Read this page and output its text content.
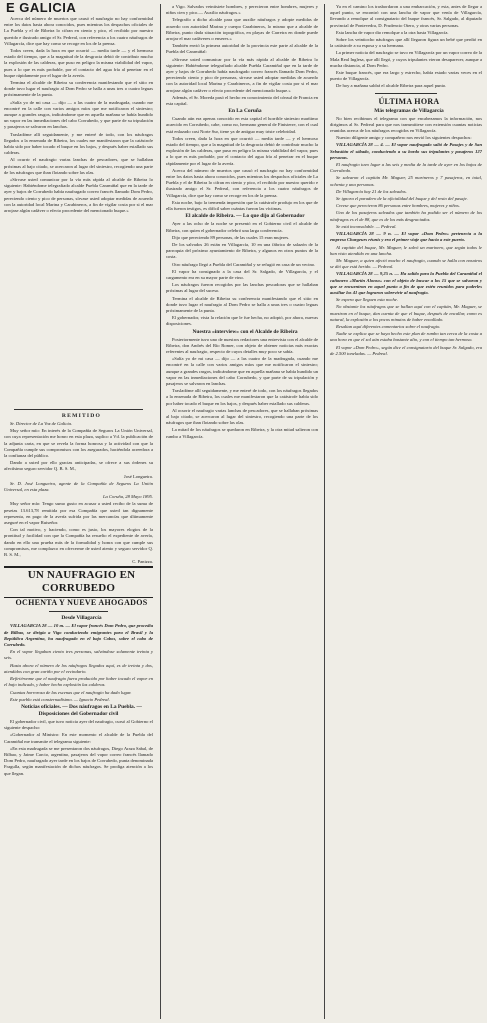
E GALICIA

REMITIDO

Sr. Director de La Voz de Galicia.

Muy señor mío: En interés de la Compañía de Seguros La Unión Universal, con cuya representación me honro en esta plaza, suplico a Vd. la publicación de la adjunta carta, en que se revela la forma honrosa y la actividad con que la Compañía cumple sus compromisos con los asegurados, haciéndola acreedora a la confianza del público.

Dando a usted por ello gracias anticipadas, se ofrece a sus órdenes su afectísimo seguro servidor Q. B. S. M.,

José Longueira.

Sr. D. José Longueira, agente de la Compañía de Seguros La Unión Universal, en esta plaza.

La Coruña, 28 Mayo 1895.

Muy señor mío: Tengo sumo gusto en acusar a usted recibo de la suma de pesetas 13.613,78 remitida por esa Compañía que usted tan dignamente representa, en pago de la avería sufrida por las mercancías que últimamente aseguré en el vapor Ruiseñor.

Con tal motivo, y haciendo, como es justo, los mayores elogios de la prontitud y facilidad con que la Compañía ha resuelto el expediente de avería, dando en ello una prueba más de la formalidad y honra con que cumple sus compromisos, me complazco en ofrecerme de usted atento y seguro servidor Q. B. S. M.,

C. Panizza.

UN NAUFRAGIO EN CORRUBEDO

OCHENTA Y NUEVE AHOGADOS

Desde Villagarcía

VILLAGARCIA 28 — 10 m. — El vapor francés Dom Pedro, que procedía de Bilbao, se dirigía a Vigo conduciendo emigrantes para el Brasil y la República Argentina, ha naufragado en el bajo Cobos, sobre el cabo de Corrubedo.

En el vapor llegaban ciento tres personas, salvándose solamente treinta y seis.

Hasta ahora el número de los náufragos llegados aquí, es de treinta y dos, atendidos con gran cariño por el vecindario.

Refiriéronme que el naufragio fuera producido por haber tocado el vapor en el bajo indicado, y haber hecho explosión las calderas.

Cuantas horrorosa de las escenas que el naufragio ha dado lugar.

Este pueblo está consternadísimo. — Ignacio Pedreal.

Noticias oficiales. — Dos náufragos en La Puebla. — Disposiciones del Gobernador civil

El gobernador civil, que tuvo noticia ayer del naufragio, cursó al Gobierno el siguiente despacho:

«Gobernador al Ministro: En este momento el alcalde de la Puebla del Caramiñal me transmite el telegrama siguiente:

«En esta madrugada se me presentaron dos náufragos, Diego Araza Sabal, de Bilbao, y Jaime Carcio, argentino, pasajeros del vapor correo francés llamado Dom Pedro, naufragado ayer tarde en los bajos de Corrubedo, punta denominada Fragulla, según manifestación de dichos náufragos. Se prodiga atención a los que llegan.

a Vigo. Salvados veintisiete hombres, y perecieron entre hombres, mujeres y niños cien y pico.— Auxilio náufragos.»

Telegrafío a dicho alcalde para que auxilie náufragos y adopte medidas de acuerdo con autoridad Marina y cuerpo Carabineros, lo mismo que a alcalde de Ribeira, punto dada situación topográfica, en playas de Carreira en donde puede arrojar el mar cadáveres o enseres.»

También envió la primera autoridad de la provincia este parte al alcalde de la Puebla del Caramiñal:

«Sírvase usted comunicar por la vía más rápida al alcalde de Ribeira lo siguiente: Habiéndome telegrafiado alcalde Puebla Caramiñal que en la tarde de ayer y bajos de Corrubedo había naufragado correo francés llamado Dom Pedro, pereciendo ciento y pico de personas, sírvase usted adoptar medidas de acuerdo con la autoridad local Marina y Carabineros, a fin de vigilar costa por si el mar arrojase algún cadáver o efecto procedente del mencionado buque.»

Además, el Sr. Moreda pasó el hecho en conocimiento del cónsul de Francia en esta capital.

En La Coruña

Cuando aún era apenas conocido en esta capital el horrible siniestro marítimo acaecido en Corrubedo, cabe, como no, hermano general de Finisterre, con el cual está enlazado casi Norte Sur, tiene ya de antiguo muy triste celebridad.

Todos creen, dada la hora en que ocurrió — media tarde — y el hermoso estado del tiempo, que a la magnitud de la desgracia debió de contribuir mucho la explosión de las calderas, que puso en peligro la misma viabilidad del vapor, pues a lo que es más probable, por el contacto del agua fría al penetrar en el buque rápidamente por el lugar de la avería.

Acerca del número de muertos que causó el naufragio no hay conformidad entre los datos hasta ahora conocidos, pues mientras los despachos oficiales de La Puebla y el de Ribeira lo cifran en ciento y pico, el recibido por nuestro querido e ilustrado amigo el Sr. Pedreal, con referencia a los cuatro náufragos de Villagarcía, dice que hay como se recoge en los de la prensa.

Esta noche, bajo la tremenda impresión que la catástrofe produjo en los que de ella fueron testigos, es difícil saber cuántas fueron las víctimas.

El alcalde de Ribeira. — Lo que dijo al Gobernador

Ayer a las ocho de la noche se presentó en el Gobierno civil el alcalde de Ribeira, con quien el gobernador celebró una larga conferencia.

Dijo que pereciendo 89 personas, de las cuales 15 eran mujeres.

De los salvados 26 están en Villagarcía, 10 en una fábrica de salazón de la parroquia del próximo ayuntamiento de Ribeira, y algunos en otros puntos de la costa.

Otro náufrago llegó a Puebla del Caramiñal y se refugió en casa de un vecino.

El vapor ha consignado a la casa del Sr. Salgado, de Villagarcía, y el cargamento era en su mayor parte de vino.

Los náufragos fueron recogidos por las lanchas pescadoras que se hallaban próximas al lugar del suceso.

Termina el alcalde de Ribeira su conferencia manifestando que el sitio en donde tuvo lugar el naufragio al Dom Pedro se halla a unas tres o cuatro leguas próximamente de la punta.

El gobernador, vista la relación que le fue hecha, no adoptó, por ahora, nuevas disposiciones.

Nuestra «interview» con el Alcalde de Ribeira

Posteriormente tuvo uno de nuestros redactores una entrevista con el alcalde de Ribeira, don Andrés del Río Romer, con objeto de obtener noticias más exactas referentes al naufragio, respecto de cuyos detalles muy poco se sabía.

«Salía yo de mi casa — dijo — a las cuatro de la madrugada, cuando me encontré en la calle con varios amigos míos que me notificaron el siniestro; aunque a grandes rasgos, indicándome que en aquella mañana se había hundido un vapor en las inmediaciones del cabo Corrubedo, y que parte de su tripulación y pasajeros se salvaron en lanchas.

Trasladóme allí seguidamente, y me enteré de todo, con los náufragos llegados a la ensenada de Ribeira, los cuales me manifestaron que la catástrofe había sido por haber tocado el buque en los bajos, y después haber estallado sus calderas.

Al ocurrir el naufragio varias lanchas de pescadores, que se hallaban próximas al bajo citado, se acercaron al lugar del siniestro, recogiendo una parte de los náufragos que iban flotando sobre las olas.

La mitad de los náufragos se quedaron en Ribeira, y la otra mitad salieron con rumbo a Villagarcía.

Ya en el camino los trasbordaron a una embarcación, y esta, antes de llegar a aquel punto, se encontró con una lancha de vapor que venía de Villagarcía, llevando a remolque al consignatario del buque francés, Sr. Salgado, al diputado provincial de Pontevedra, D. Prudencio Otero, y otras varias personas.

Esta lancha de vapor dio remolque a la otra hasta Villagarcía.

Sobre los veintiocho náufragos que allí llegaron figura un bebé que perdió en la catástrofe a su esposa y a su hermana.

La primer noticia del naufragio se tuvo en Villagarcía por un vapor correo de la Mala Real Inglesa, que allí llegó, y cuyos tripulantes vieron desaparecer, aunque a mucha distancia, al Dom Pedro.

Este buque francés, que era largo y estrecho, había estado varias veces en el puerto de Villagarcía.

De hoy a mañana saldrá el alcalde Ribeira para aquel punto.

ÚLTIMA HORA

Más telegramas de Villagarcía

No bien recibimos el telegrama con que encabezamos la información, nos dirigimos al Sr. Pedreal para que nos transmitiese con extensión cuantas noticias reunidas acerca de los náufragos recogidos en Villagarcía.

Nuestro diligente amigo y compañero nos envió los siguientes despachos:

VILLAGARCÍA 28 — 4. — El vapor naufragado salió de Pasajes y de San Sebastián el sábado, conduciendo a su bordo sus tripulantes y pasajeros 127 personas.

El naufragio tuvo lugar a las seis y media de la tarde de ayer en los bajos de Corrubedo.

Se salvaron el capitán Mr. Maguer, 25 marineros y 7 pasajeros, en total, ochenta y una personas.

De Villagarcía hay 21 de los salvados.

Se ignora el paradero de la oficialidad del buque y del resto del pasaje.

Creese que perecieron 86 personas entre hombres, mujeres y niños.

Uno de los pasajeros salvados que también ha podido ser el número de los náufragos es el de 88, que es de los más desgraciados.

Se está inconsolable. — Pedreal.

VILLAGARCÍA 28 — 9 n. — El vapor «Dom Pedro» pertenecía a la empresa Chargeurs réunis y era el primer viaje que hacía a este puerto.

Al capitán del buque, Mr. Maguer, le salvó un marinero, que según todos le han visto atendido en una lancha.

Mr. Maguer, a quien afectó mucho el naufragio, cuando se halla con nosotros se dió que está herido. — Pedreal.

VILLAGARCÍA 28 — 9,25 n. — Ha salido para la Puebla del Caramiñal el cañonero «Martín Alonso» con el objeto de buscar a los 15 que se salvaron y que se encuentran en aquel punto a fin de que estén reunidos para poderles auxiliar los 41 que lograron sobrevivir al naufragio.

Se espera que lleguen esta noche.

No obstante los náufragos que se hallan aquí con el capitán, Mr. Maguer, se muestran en el buque, dan cuenta de que el buque, después de encallar, como es natural, la explosión a los pocos minutos de haber encallado.

Resaltan aquí diferentes comentarios sobre el naufragio.

Nadie se explica que se haya hecho este plan de rumbo tan cerca de la costa a una hora en que el sol aún estaba bastante alto, y con el tiempo tan hermoso.

El vapor «Dom Pedro», según dice el consignatario del buque Sr. Salgado, era de 2.500 toneladas. — Pedreal.

Acerca del número de muertos que causó el naufragio no hay conformidad entre los datos hasta ahora conocidos, pues mientras los despachos oficiales de La Puebla y el de Ribeira lo cifran en ciento y pico, el recibido por nuestro querido e ilustrado amigo el Sr. Pedreal, con referencia a los cuatro náufragos de Villagarcía, dice que hay como se recoge en los de la prensa.

Todos creen, dada la hora en que ocurrió — media tarde — y el hermoso estado del tiempo, que a la magnitud de la desgracia debió de contribuir mucho la explosión de las calderas, que puso en peligro la misma viabilidad del vapor, pues a lo que es más probable, por el contacto del agua fría al penetrar en el buque rápidamente por el lugar de la avería.

Termina el alcalde de Ribeira su conferencia manifestando que el sitio en donde tuvo lugar el naufragio al Dom Pedro se halla a unas tres o cuatro leguas próximamente de la punta.

«Salía yo de mi casa — dijo — a las cuatro de la madrugada, cuando me encontré en la calle con varios amigos míos que me notificaron el siniestro; aunque a grandes rasgos, indicándome que en aquella mañana se había hundido un vapor en las inmediaciones del cabo Corrubedo, y que parte de su tripulación y pasajeros se salvaron en lanchas.

Trasladóme allí seguidamente, y me enteré de todo, con los náufragos llegados a la ensenada de Ribeira, los cuales me manifestaron que la catástrofe había sido por haber tocado el buque en los bajos, y después haber estallado sus calderas.

Al ocurrir el naufragio varias lanchas de pescadores, que se hallaban próximas al bajo citado, se acercaron al lugar del siniestro, recogiendo una parte de los náufragos que iban flotando sobre las olas.

«Sírvase usted comunicar por la vía más rápida al alcalde de Ribeira lo siguiente: Habiéndome telegrafiado alcalde Puebla Caramiñal que en la tarde de ayer y bajos de Corrubedo había naufragado correo francés llamado Dom Pedro, pereciendo ciento y pico de personas, sírvase usted adoptar medidas de acuerdo con la autoridad local Marina y Carabineros, a fin de vigilar costa por si el mar arrojase algún cadáver o efecto procedente del mencionado buque.»
